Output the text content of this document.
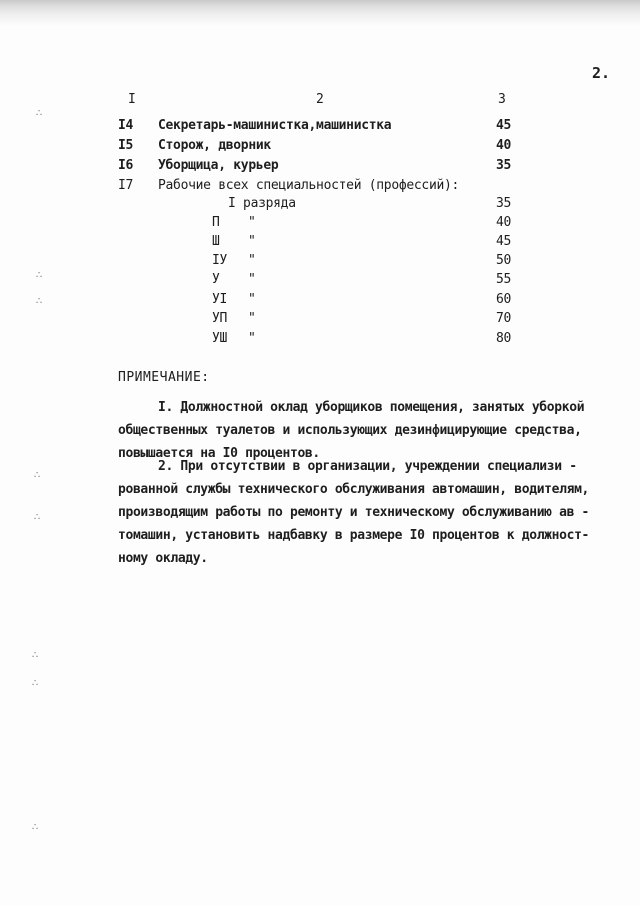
2.
I	2	3
I4 Секретарь-машинистка,машинистка	45
I5 Сторож, дворник	40
I6 Уборщица, курьер	35
I7 Рабочие всех специальностей (профессий):
I разряда	35
П	"	40
Ш	"	45
IУ	"	50
У	"	55
УI	"	60
УП	"	70
УШ	"	80
ПРИМЕЧАНИЕ:
I. Должностной оклад уборщиков помещения, занятых уборкой
общественных туалетов и использующих дезинфицирующие средства,
повышается на I0 процентов.
2. При отсутствии в организации, учреждении специализи -
рованной службы технического обслуживания автомашин, водителям,
производящим работы по ремонту и техническому обслуживанию ав -
томашин, установить надбавку в размере I0 процентов к должност-
ному окладу.
∴
∴
∴
∴
∴
∴
∴
∴
